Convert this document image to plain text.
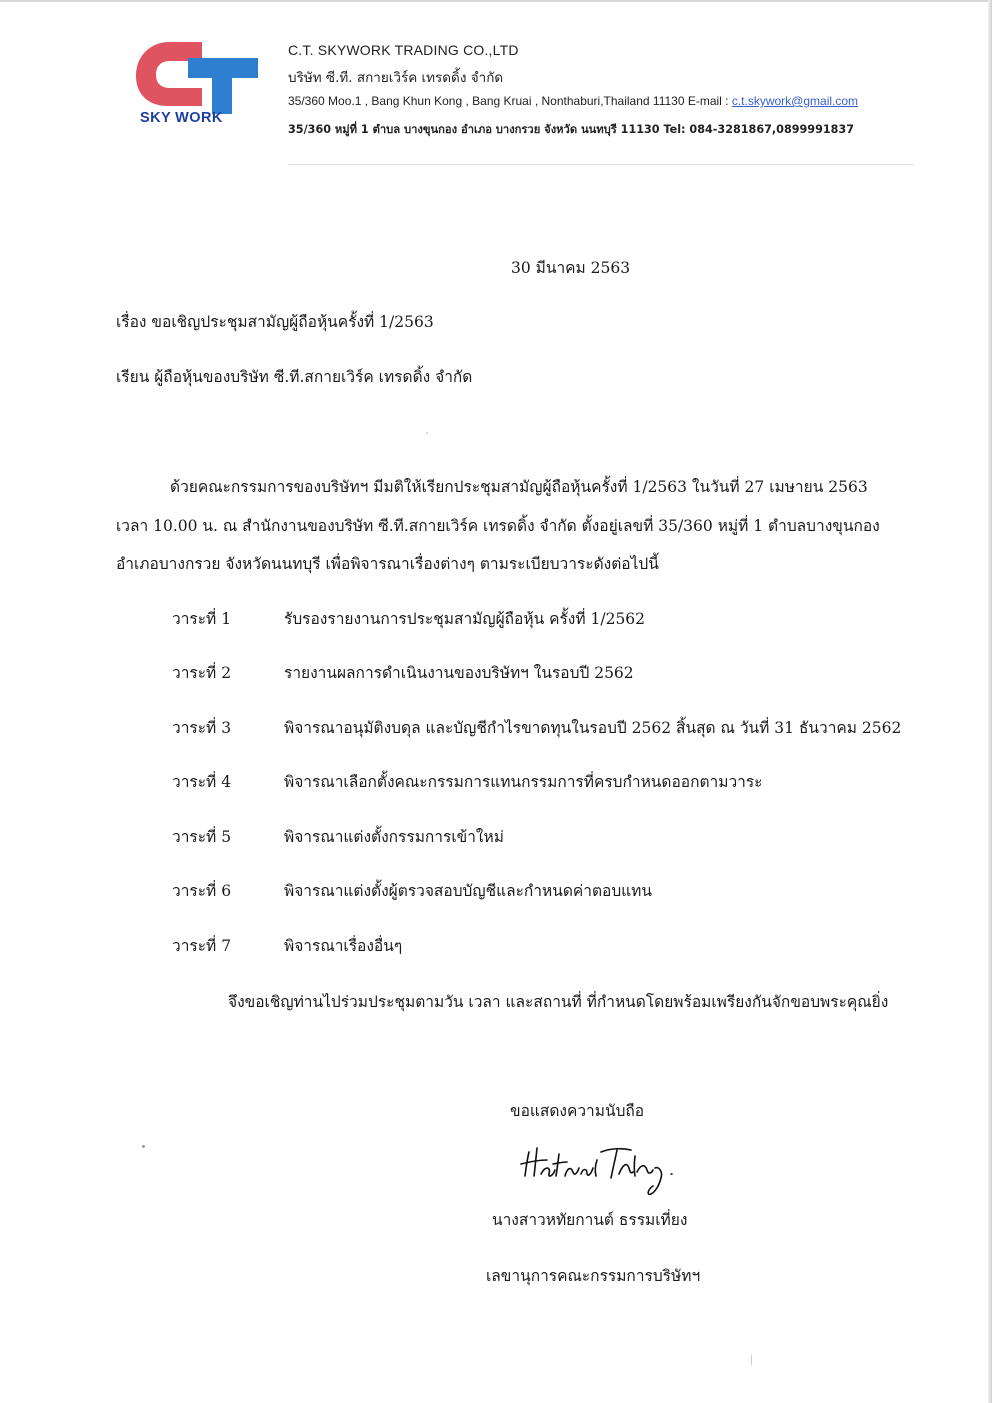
SKY WORK
C.T. SKYWORK TRADING CO.,LTD
บริษัท ซี.ที. สกายเวิร์ค เทรดดิ้ง จำกัด
35/360 Moo.1 , Bang Khun Kong , Bang Kruai , Nonthaburi,Thailand 11130 E-mail : c.t.skywork@gmail.com
35/360 หมู่ที่ 1 ตำบล บางขุนกอง อำเภอ บางกรวย จังหวัด นนทบุรี 11130 Tel: 084-3281867,0899991837
30 มีนาคม 2563
เรื่อง ขอเชิญประชุมสามัญผู้ถือหุ้นครั้งที่ 1/2563
เรียน ผู้ถือหุ้นของบริษัท ซี.ที.สกายเวิร์ค เทรดดิ้ง จำกัด
ด้วยคณะกรรมการของบริษัทฯ มีมติให้เรียกประชุมสามัญผู้ถือหุ้นครั้งที่ 1/2563 ในวันที่ 27 เมษายน 2563
เวลา 10.00 น. ณ สำนักงานของบริษัท ซี.ที.สกายเวิร์ค เทรดดิ้ง จำกัด ตั้งอยู่เลขที่ 35/360 หมู่ที่ 1 ตำบลบางขุนกอง
อำเภอบางกรวย จังหวัดนนทบุรี เพื่อพิจารณาเรื่องต่างๆ ตามระเบียบวาระดังต่อไปนี้
วาระที่ 1	รับรองรายงานการประชุมสามัญผู้ถือหุ้น ครั้งที่ 1/2562
วาระที่ 2	รายงานผลการดำเนินงานของบริษัทฯ ในรอบปี 2562
วาระที่ 3	พิจารณาอนุมัติงบดุล และบัญชีกำไรขาดทุนในรอบปี 2562 สิ้นสุด ณ วันที่ 31 ธันวาคม 2562
วาระที่ 4	พิจารณาเลือกตั้งคณะกรรมการแทนกรรมการที่ครบกำหนดออกตามวาระ
วาระที่ 5	พิจารณาแต่งตั้งกรรมการเข้าใหม่
วาระที่ 6	พิจารณาแต่งตั้งผู้ตรวจสอบบัญชีและกำหนดค่าตอบแทน
วาระที่ 7	พิจารณาเรื่องอื่นๆ
จึงขอเชิญท่านไปร่วมประชุมตามวัน เวลา และสถานที่ ที่กำหนดโดยพร้อมเพรียงกันจักขอบพระคุณยิ่ง
ขอแสดงความนับถือ
นางสาวหทัยกานต์ ธรรมเที่ยง
เลขานุการคณะกรรมการบริษัทฯ
